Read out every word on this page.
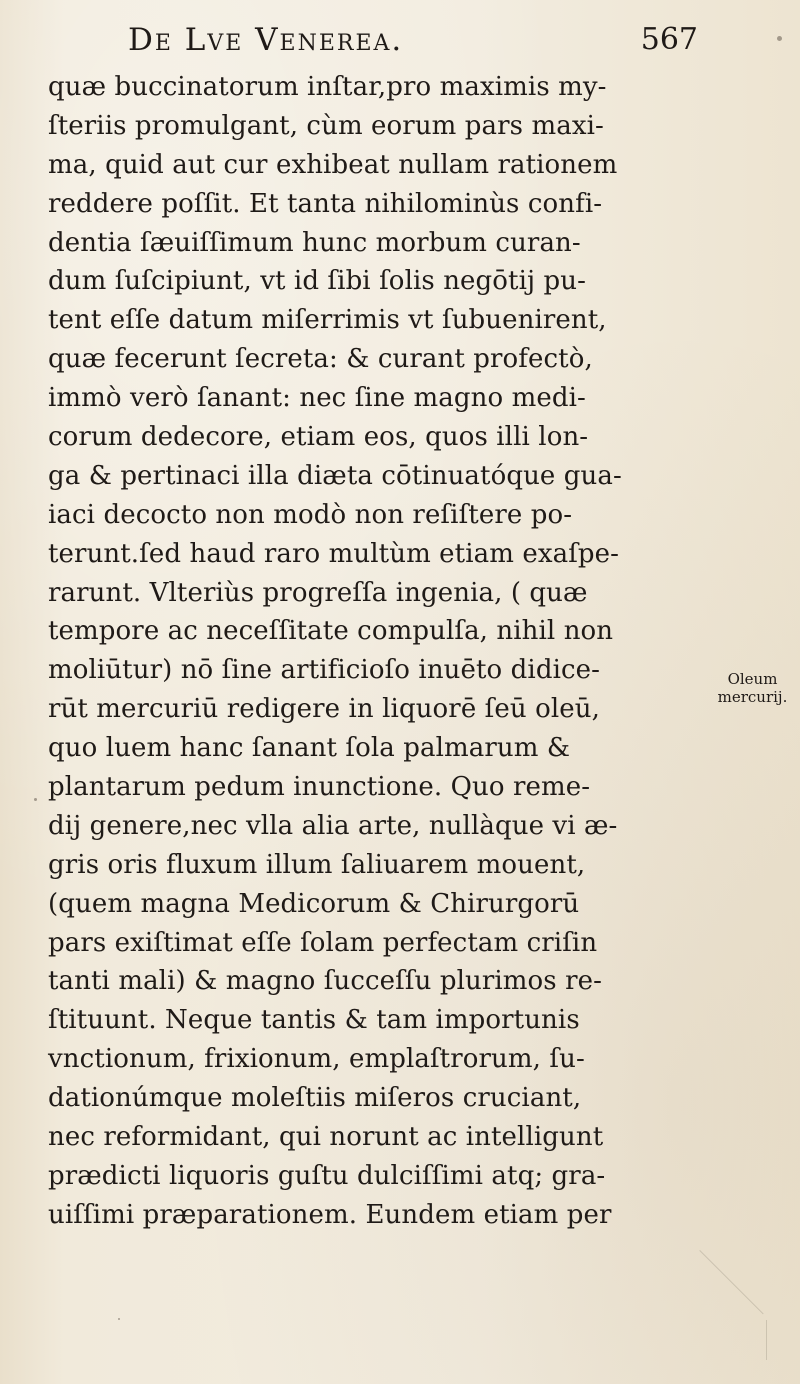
De Lve Venerea.	567
quæ buccinatorum inſtar,pro maximis my-
ſteriis promulgant, cùm eorum pars maxi-
ma, quid aut cur exhibeat nullam rationem
reddere poſſit. Et tanta nihilominùs confi-
dentia ſæuiſſimum hunc morbum curan-
dum ſuſcipiunt, vt id ſibi ſolis negōtij pu-
tent eſſe datum miſerrimis vt ſubuenirent,
quæ fecerunt ſecreta: & curant profectò,
immò verò ſanant: nec ſine magno medi-
corum dedecore, etiam eos, quos illi lon-
ga & pertinaci illa diæta cōtinuatóque gua-
iaci decocto non modò non reſiſtere po-
terunt.ſed haud raro multùm etiam exaſpe-
rarunt. Vlteriùs progreſſa ingenia, ( quæ
tempore ac neceſſitate compulſa, nihil non
moliūtur) nō ſine artificioſo inuēto didice-
rūt mercuriū redigere in liquorē ſeū oleū,
quo luem hanc ſanant ſola palmarum &
plantarum pedum inunctione. Quo reme-
dij genere,nec vlla alia arte, nullàque vi æ-
gris oris fluxum illum ſaliuarem mouent,
(quem magna Medicorum & Chirurgorū
pars exiſtimat eſſe ſolam perfectam criſin
tanti mali) & magno ſucceſſu plurimos re-
ſtituunt. Neque tantis & tam importunis
vnctionum, frixionum, emplaſtrorum, ſu-
dationúmque moleſtiis miſeros cruciant,
nec reformidant, qui norunt ac intelligunt
prædicti liquoris guſtu dulciſſimi atq; gra-
uiſſimi præparationem. Eundem etiam per
Oleum
mercurij.
